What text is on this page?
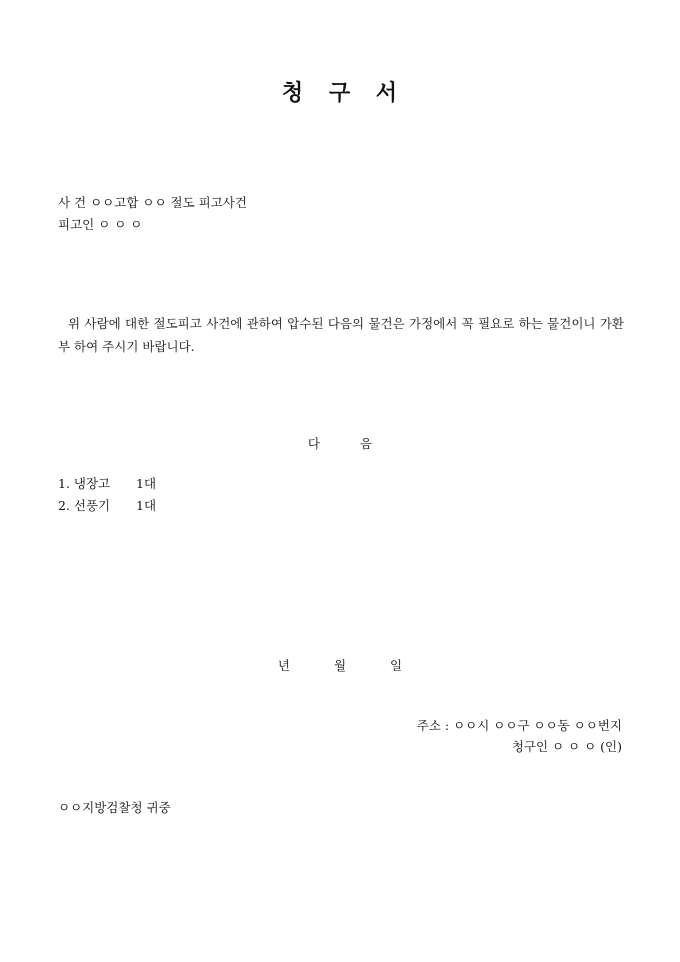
청 구 서
사 건 ㅇㅇ고합 ㅇㅇ 절도 피고사건
피고인 ㅇ ㅇ ㅇ
위 사람에 대한 절도피고 사건에 관하여 압수된 다음의 물건은 가정에서 꼭 필요로 하는 물건이니 가환부 하여 주시기 바랍니다.
다	음
1. 냉장고 1대
2. 선풍기 1대
년	월	일
주소 : ㅇㅇ시 ㅇㅇ구 ㅇㅇ동 ㅇㅇ번지
청구인 ㅇ ㅇ ㅇ (인)
ㅇㅇ지방검찰청 귀중
